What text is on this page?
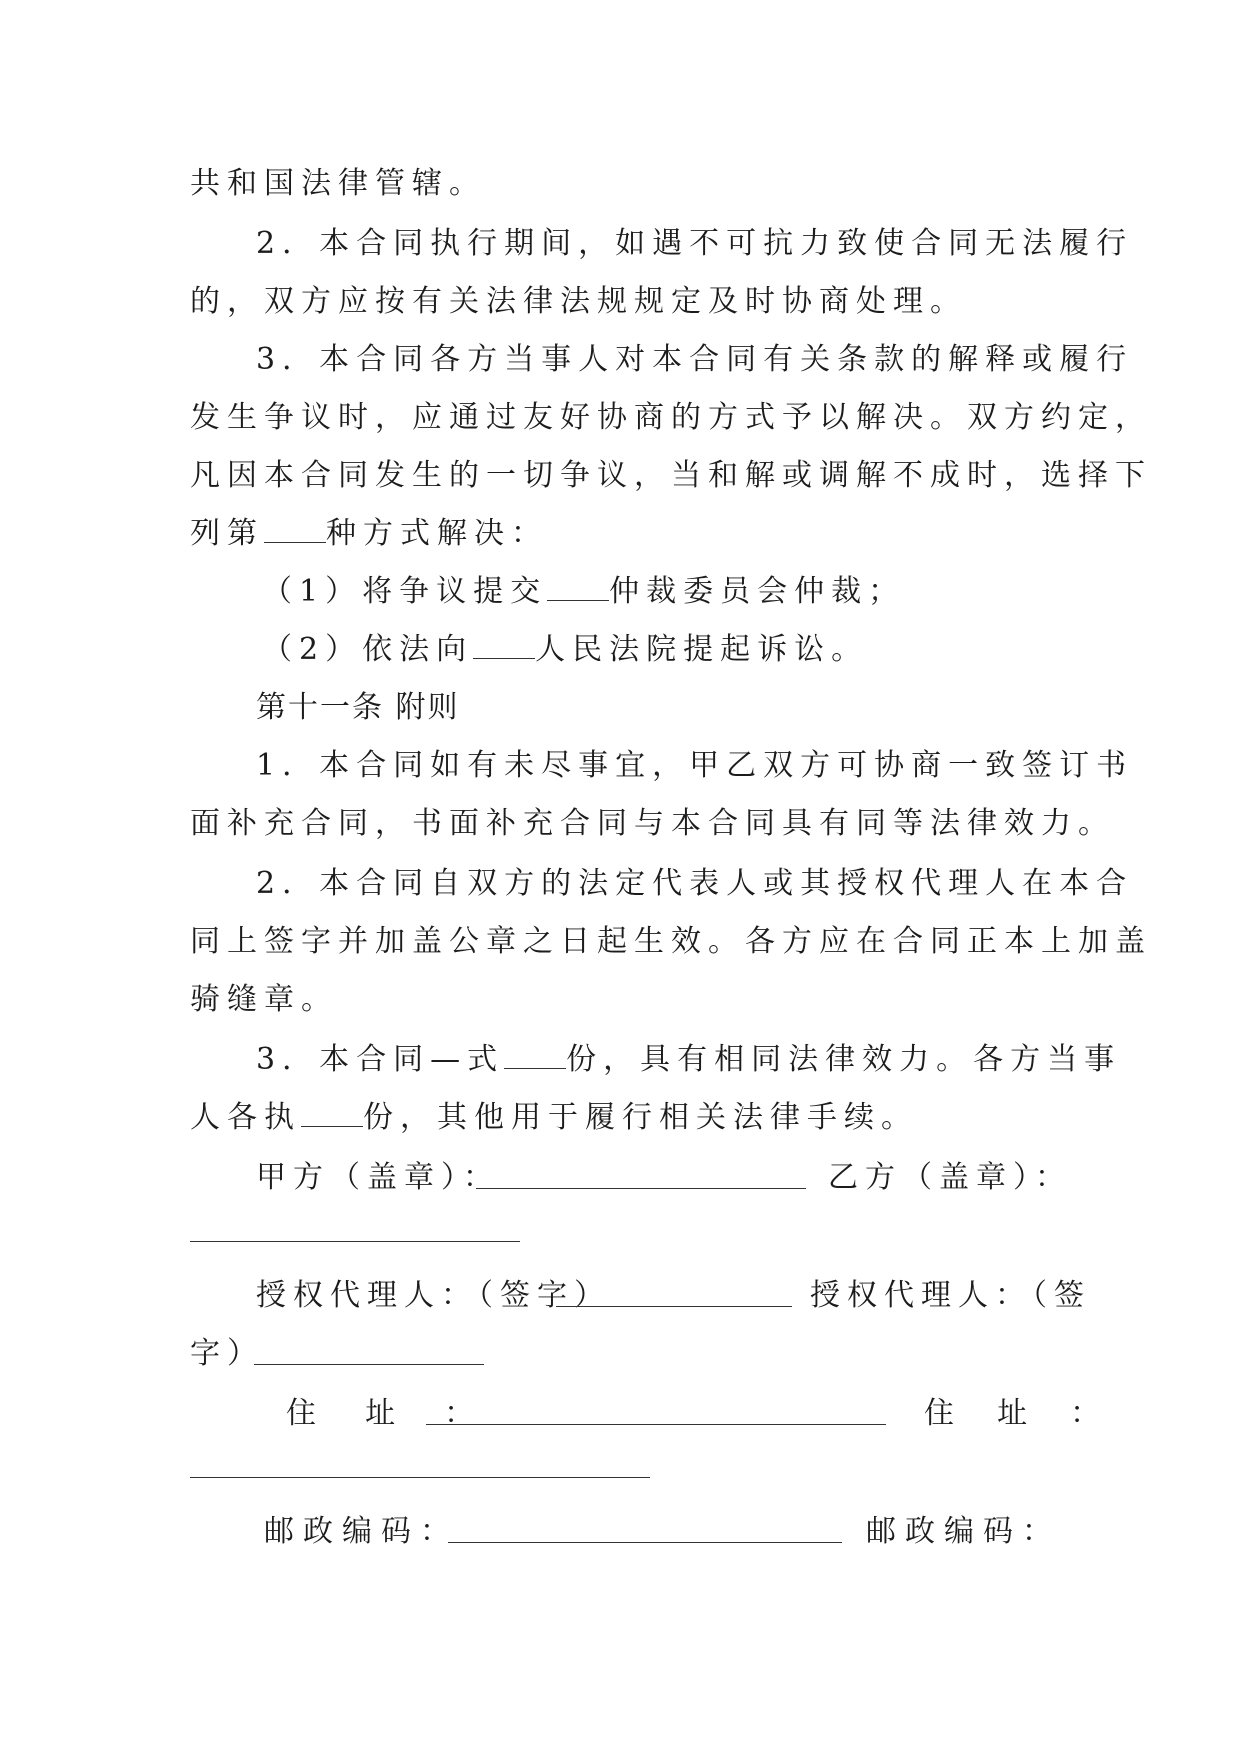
共和国法律管辖。
2．本合同执行期间，如遇不可抗力致使合同无法履行
的，双方应按有关法律法规规定及时协商处理。
3．本合同各方当事人对本合同有关条款的解释或履行
发生争议时，应通过友好协商的方式予以解决。双方约定，
凡因本合同发生的一切争议，当和解或调解不成时，选择下
列第 种方式解决：
（1）将争议提交 仲裁委员会仲裁；
（2）依法向 人民法院提起诉讼。
第十一条 附则
1．本合同如有未尽事宜，甲乙双方可协商一致签订书
面补充合同，书面补充合同与本合同具有同等法律效力。
2．本合同自双方的法定代表人或其授权代理人在本合
同上签字并加盖公章之日起生效。各方应在合同正本上加盖
骑缝章。
3．本合同—式 份，具有相同法律效力。各方当事
人各执 份，其他用于履行相关法律手续。
甲方（盖章）：	乙方（盖章）：
授权代理人：（签字）	授权代理人：（签
字）
住  址  ：	住  址  ：
邮政编码：	邮政编码：
